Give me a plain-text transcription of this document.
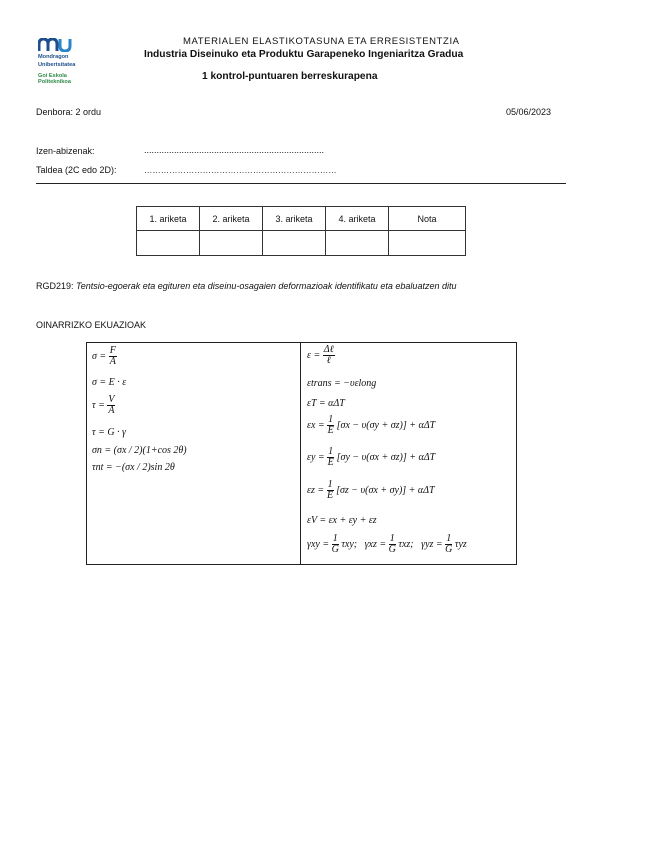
Mondragon
Unibertsitatea
Goi Eskola
Politeknikoa
MATERIALEN ELASTIKOTASUNA ETA ERRESISTENTZIA
Industria Diseinuko eta Produktu Garapeneko Ingeniaritza Gradua
1 kontrol-puntuaren berreskurapena
Denbora: 2 ordu	05/06/2023
Izen-abizenak:	........................................................................
Taldea (2C edo 2D):	……………………………………………………………
1. ariketa	2. ariketa	3. ariketa	4. ariketa	Nota

RGD219: Tentsio-egoerak eta egituren eta diseinu-osagaien deformazioak identifikatu eta ebaluatzen ditu
OINARRIZKO EKUAZIOAK
$\sigma = \frac{F}{A}$
σ = E · ε
$\tau = \frac{V}{A}$
τ = G · γ
σn = (σx / 2)(1+cos 2θ)
τnt = −(σx / 2)sin 2θ
$\varepsilon = \frac{\text{Δℓ}}{\text{ℓ}}$
εtrans = −υεlong
εT = αΔT
$\varepsilon x = \frac{1}{E} [\sigma x - \upsilon(\sigma y + \sigma z)] + \alpha\Delta T$
$\varepsilon y = \frac{1}{E} [\sigma y - \upsilon(\sigma x + \sigma z)] + \alpha\Delta T$
$\varepsilon z = \frac{1}{E} [\sigma z - \upsilon(\sigma x + \sigma y)] + \alpha\Delta T$
εV = εx + εy + εz
$\gamma xy = \frac{1}{G} \tau xy$; $\gamma xz = \frac{1}{G} \tau xz$; $\gamma yz = \frac{1}{G}$ τyz
